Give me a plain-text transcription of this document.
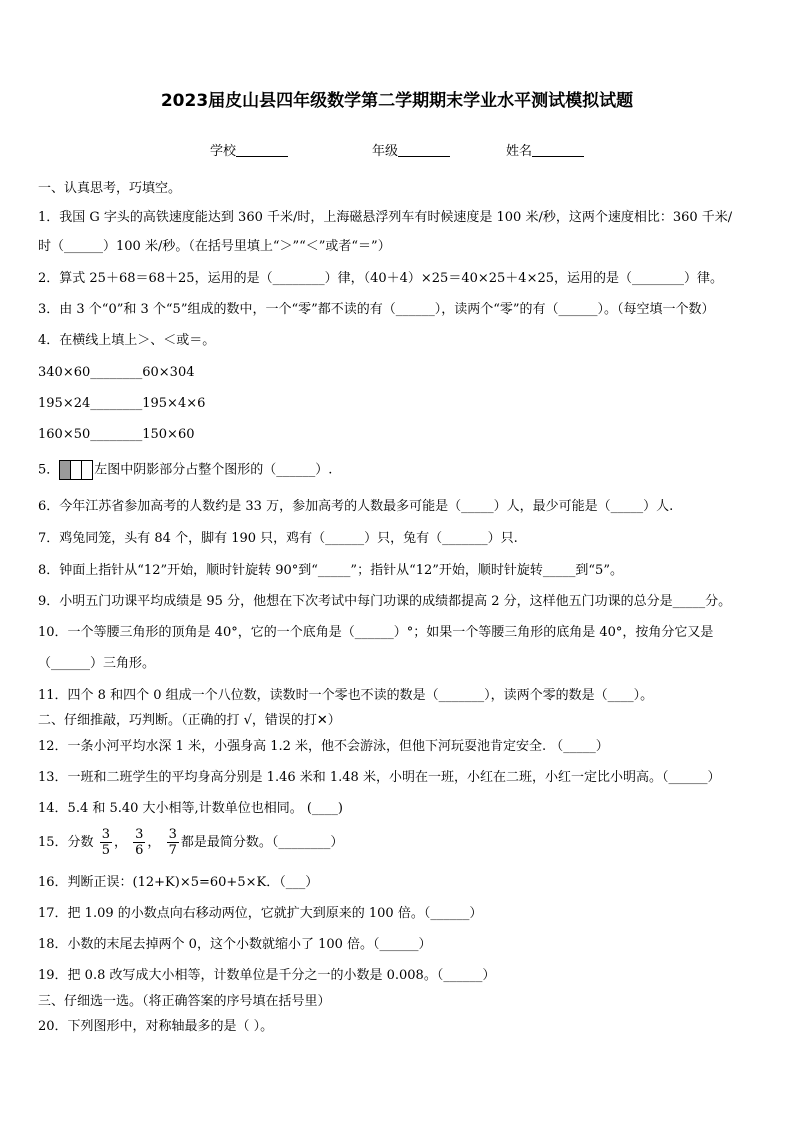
2023届皮山县四年级数学第二学期期末学业水平测试模拟试题
学校	年级	姓名
一、认真思考，巧填空。
1．我国 G 字头的高铁速度能达到 360 千米/时，上海磁悬浮列车有时候速度是 100 米/秒，这两个速度相比：360 千米/
时（______）100 米/秒。（在括号里填上“＞”“＜”或者“＝”）
2．算式 25＋68＝68＋25，运用的是（________）律，（40＋4）×25＝40×25＋4×25，运用的是（________）律。
3．由 3 个“0”和 3 个“5”组成的数中，一个“零”都不读的有（______），读两个“零”的有（______）。（每空填一个数）
4．在横线上填上＞、＜或＝。
340×60________60×304
195×24________195×4×6
160×50________150×60
5．	左图中阴影部分占整个图形的（______）.
6．今年江苏省参加高考的人数约是 33 万，参加高考的人数最多可能是（_____）人，最少可能是（_____）人.
7．鸡兔同笼，头有 84 个，脚有 190 只，鸡有（______）只，兔有（_______）只.
8．钟面上指针从“12”开始，顺时针旋转 90°到“_____”；指针从“12”开始，顺时针旋转_____到“5”。
9．小明五门功课平均成绩是 95 分，他想在下次考试中每门功课的成绩都提高 2 分，这样他五门功课的总分是_____分。
10．一个等腰三角形的顶角是 40°，它的一个底角是（______）°；如果一个等腰三角形的底角是 40°，按角分它又是
（______）三角形。
11．四个 8 和四个 0 组成一个八位数，读数时一个零也不读的数是（_______），读两个零的数是（____）。
二、仔细推敲，巧判断。（正确的打 √，错误的打✕）
12．一条小河平均水深 1 米，小强身高 1.2 米，他不会游泳，但他下河玩耍池肯定安全. （_____）
13．一班和二班学生的平均身高分别是 1.46 米和 1.48 米，小明在一班，小红在二班，小红一定比小明高。（______）
14．5.4 和 5.40 大小相等,计数单位也相同。 (____)
15．分数 $\frac{3}{5}$ ， $\frac{3}{6}$ ， $\frac{3}{7}$ 都是最简分数。（________）
16．判断正误：(12+K)×5=60+5×K．（___）
17．把 1.09 的小数点向右移动两位，它就扩大到原来的 100 倍。（______）
18．小数的末尾去掉两个 0，这个小数就缩小了 100 倍。（______）
19．把 0.8 改写成大小相等，计数单位是千分之一的小数是 0.008。（______）
三、仔细选一选。（将正确答案的序号填在括号里）
20．下列图形中，对称轴最多的是（ ）。
